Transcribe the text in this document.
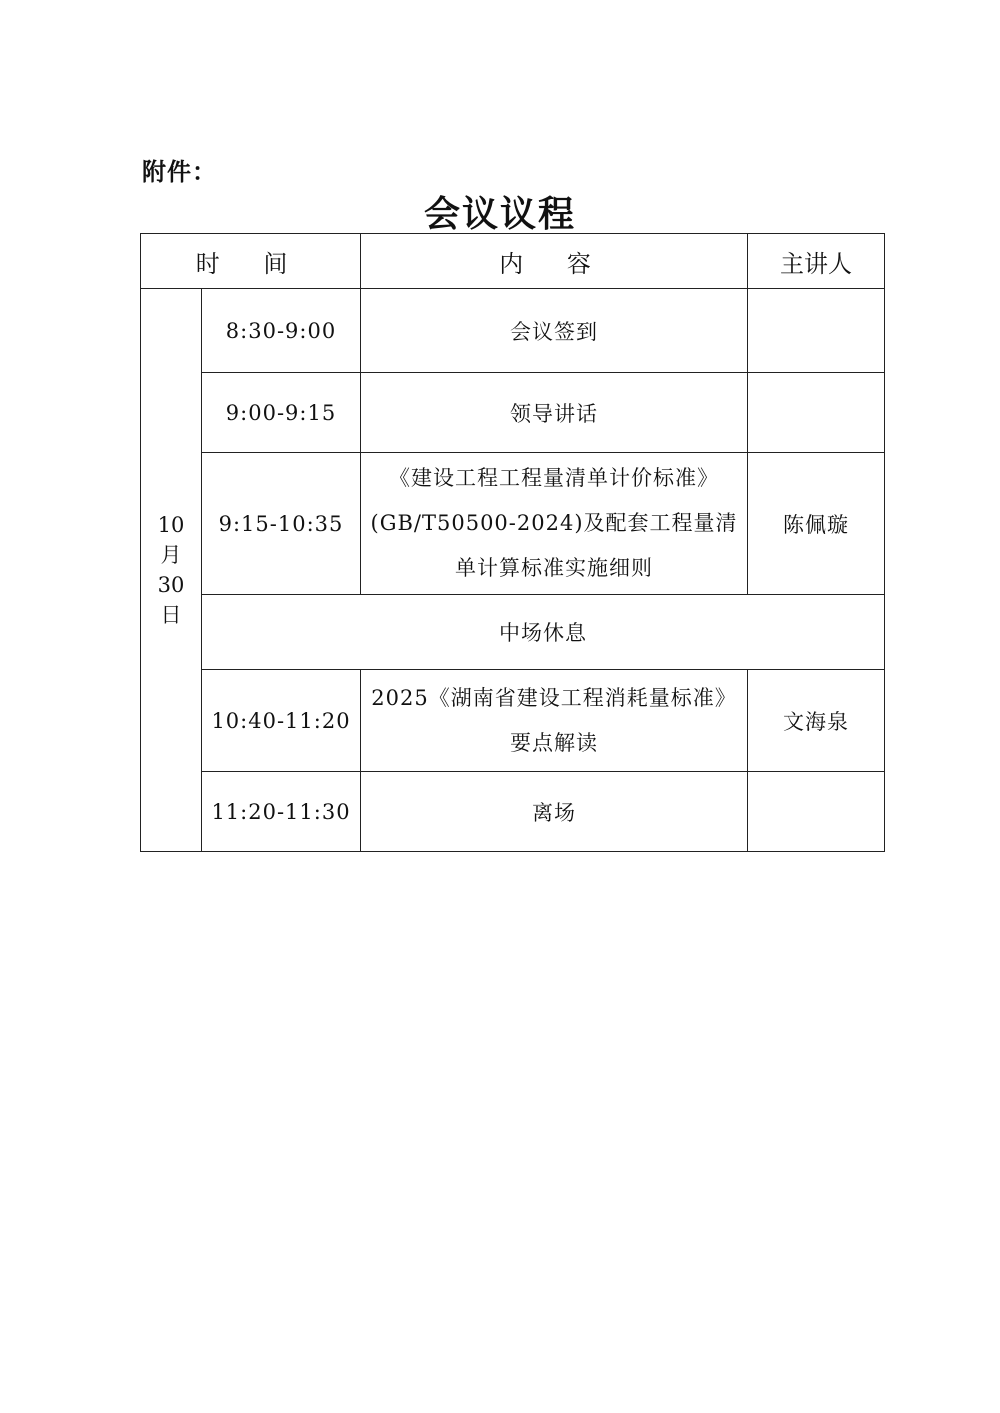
附件：
会议议程
时 间		内 容	主讲人

10
月
30
日	8:30-9:00	会议签到	
	9:00-9:15	领导讲话	
	9:15-10:35	《建设工程工程量清单计价标准》
(GB/T50500-2024)及配套工程量清
单计算标准实施细则	陈佩璇
	中场休息		
	10:40-11:20	2025《湖南省建设工程消耗量标准》
要点解读	文海泉
	11:20-11:30	离场	
